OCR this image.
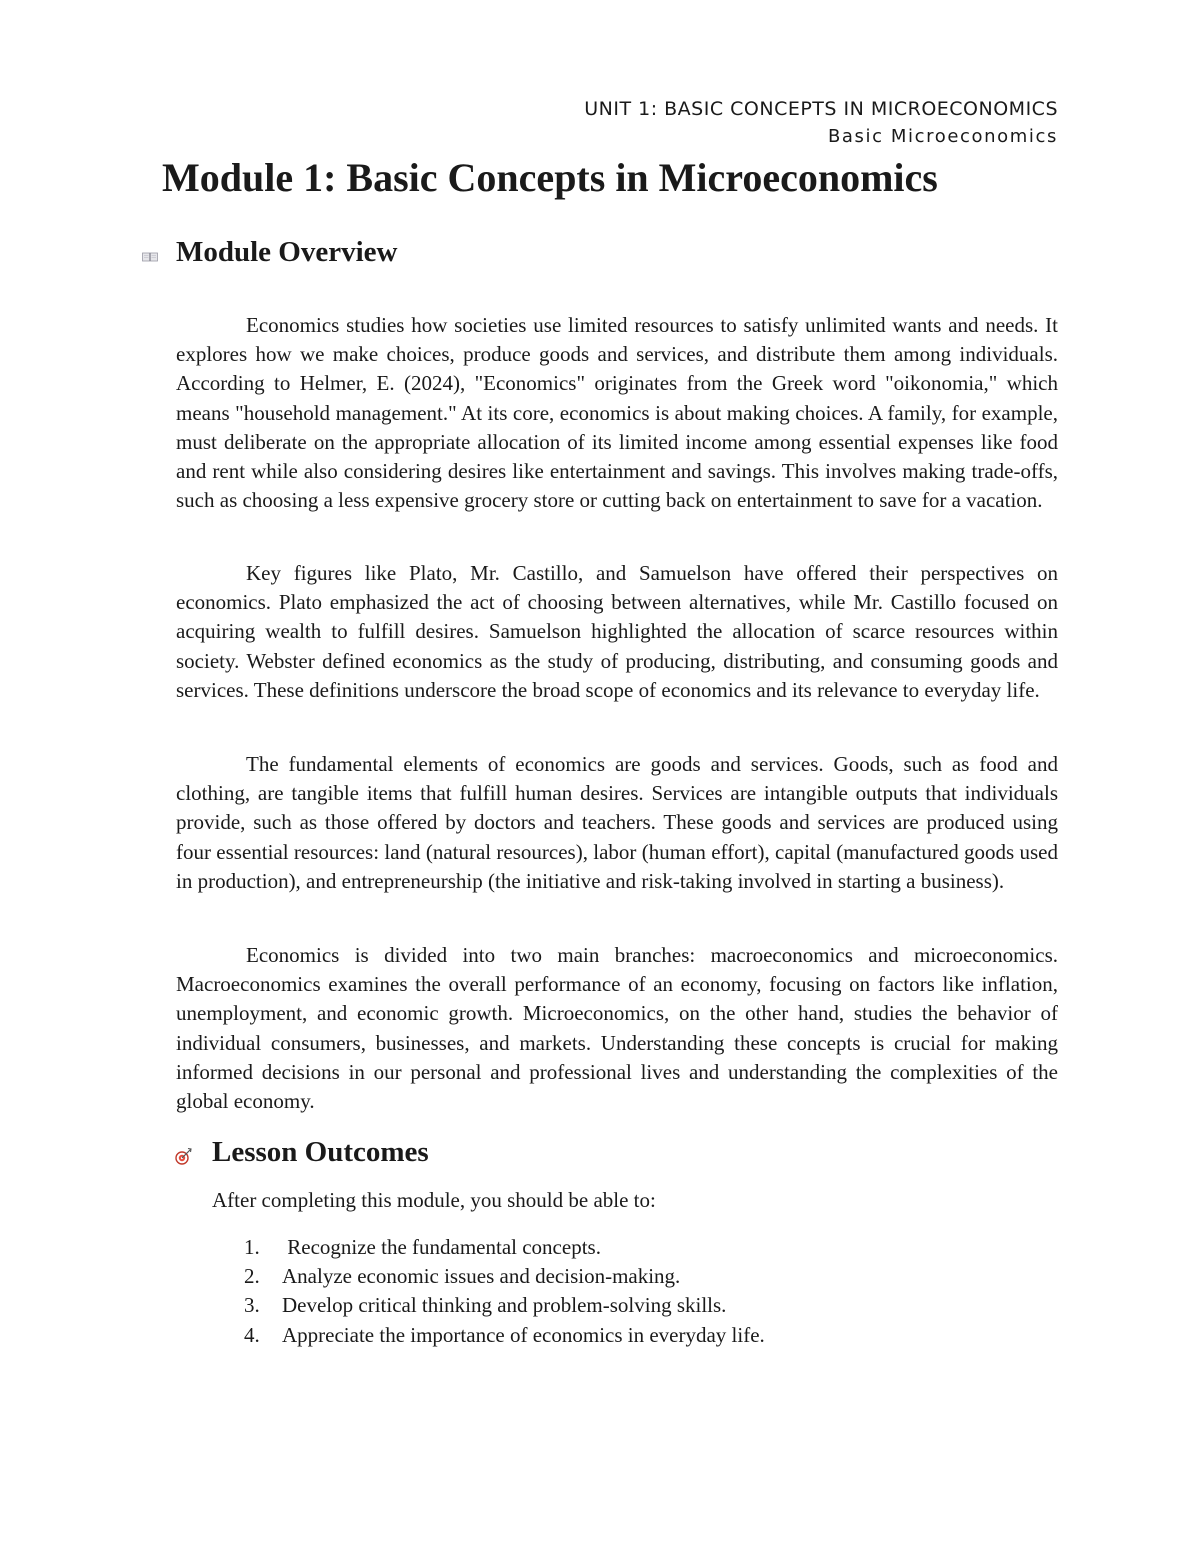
UNIT 1: BASIC CONCEPTS IN MICROECONOMICS
Basic Microeconomics
Module 1: Basic Concepts in Microeconomics
Module Overview

Economics studies how societies use limited resources to satisfy unlimited wants and needs. It explores how we make choices, produce goods and services, and distribute them among individuals. According to Helmer, E. (2024), "Economics" originates from the Greek word "oikonomia," which means "household management." At its core, economics is about making choices. A family, for example, must deliberate on the appropriate allocation of its limited income among essential expenses like food and rent while also considering desires like entertainment and savings. This involves making trade-offs, such as choosing a less expensive grocery store or cutting back on entertainment to save for a vacation.

Key figures like Plato, Mr. Castillo, and Samuelson have offered their perspectives on economics. Plato emphasized the act of choosing between alternatives, while Mr. Castillo focused on acquiring wealth to fulfill desires. Samuelson highlighted the allocation of scarce resources within society. Webster defined economics as the study of producing, distributing, and consuming goods and services. These definitions underscore the broad scope of economics and its relevance to everyday life.

The fundamental elements of economics are goods and services. Goods, such as food and clothing, are tangible items that fulfill human desires. Services are intangible outputs that individuals provide, such as those offered by doctors and teachers. These goods and services are produced using four essential resources: land (natural resources), labor (human effort), capital (manufactured goods used in production), and entrepreneurship (the initiative and risk-taking involved in starting a business).

Economics is divided into two main branches: macroeconomics and microeconomics. Macroeconomics examines the overall performance of an economy, focusing on factors like inflation, unemployment, and economic growth. Microeconomics, on the other hand, studies the behavior of individual consumers, businesses, and markets. Understanding these concepts is crucial for making informed decisions in our personal and professional lives and understanding the complexities of the global economy.

Lesson Outcomes
After completing this module, you should be able to:
1. Recognize the fundamental concepts.
2. Analyze economic issues and decision-making.
3. Develop critical thinking and problem-solving skills.
4. Appreciate the importance of economics in everyday life.
